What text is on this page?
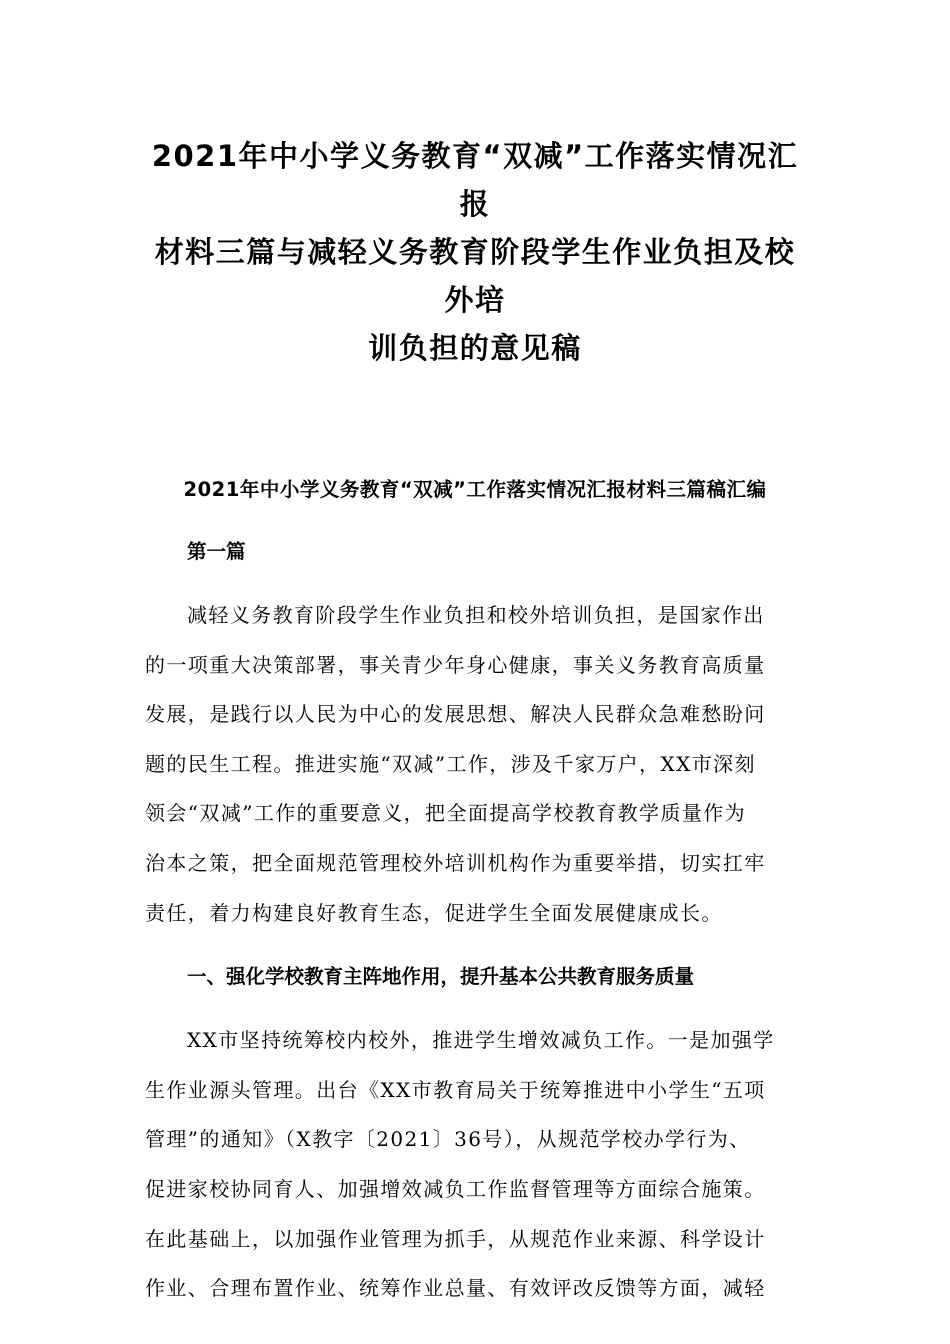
2021年中小学义务教育“双减”工作落实情况汇报
材料三篇与减轻义务教育阶段学生作业负担及校外培
训负担的意见稿

2021年中小学义务教育“双减”工作落实情况汇报材料三篇稿汇编

第一篇

减轻义务教育阶段学生作业负担和校外培训负担，是国家作出
的一项重大决策部署，事关青少年身心健康，事关义务教育高质量
发展，是践行以人民为中心的发展思想、解决人民群众急难愁盼问
题的民生工程。推进实施“双减”工作，涉及千家万户，XX市深刻
领会“双减”工作的重要意义，把全面提高学校教育教学质量作为
治本之策，把全面规范管理校外培训机构作为重要举措，切实扛牢
责任，着力构建良好教育生态，促进学生全面发展健康成长。

一、强化学校教育主阵地作用，提升基本公共教育服务质量

XX市坚持统筹校内校外，推进学生增效减负工作。一是加强学
生作业源头管理。出台《XX市教育局关于统筹推进中小学生“五项
管理”的通知》（X教字〔2021〕36号），从规范学校办学行为、
促进家校协同育人、加强增效减负工作监督管理等方面综合施策。
在此基础上，以加强作业管理为抓手，从规范作业来源、科学设计
作业、合理布置作业、统筹作业总量、有效评改反馈等方面，减轻
